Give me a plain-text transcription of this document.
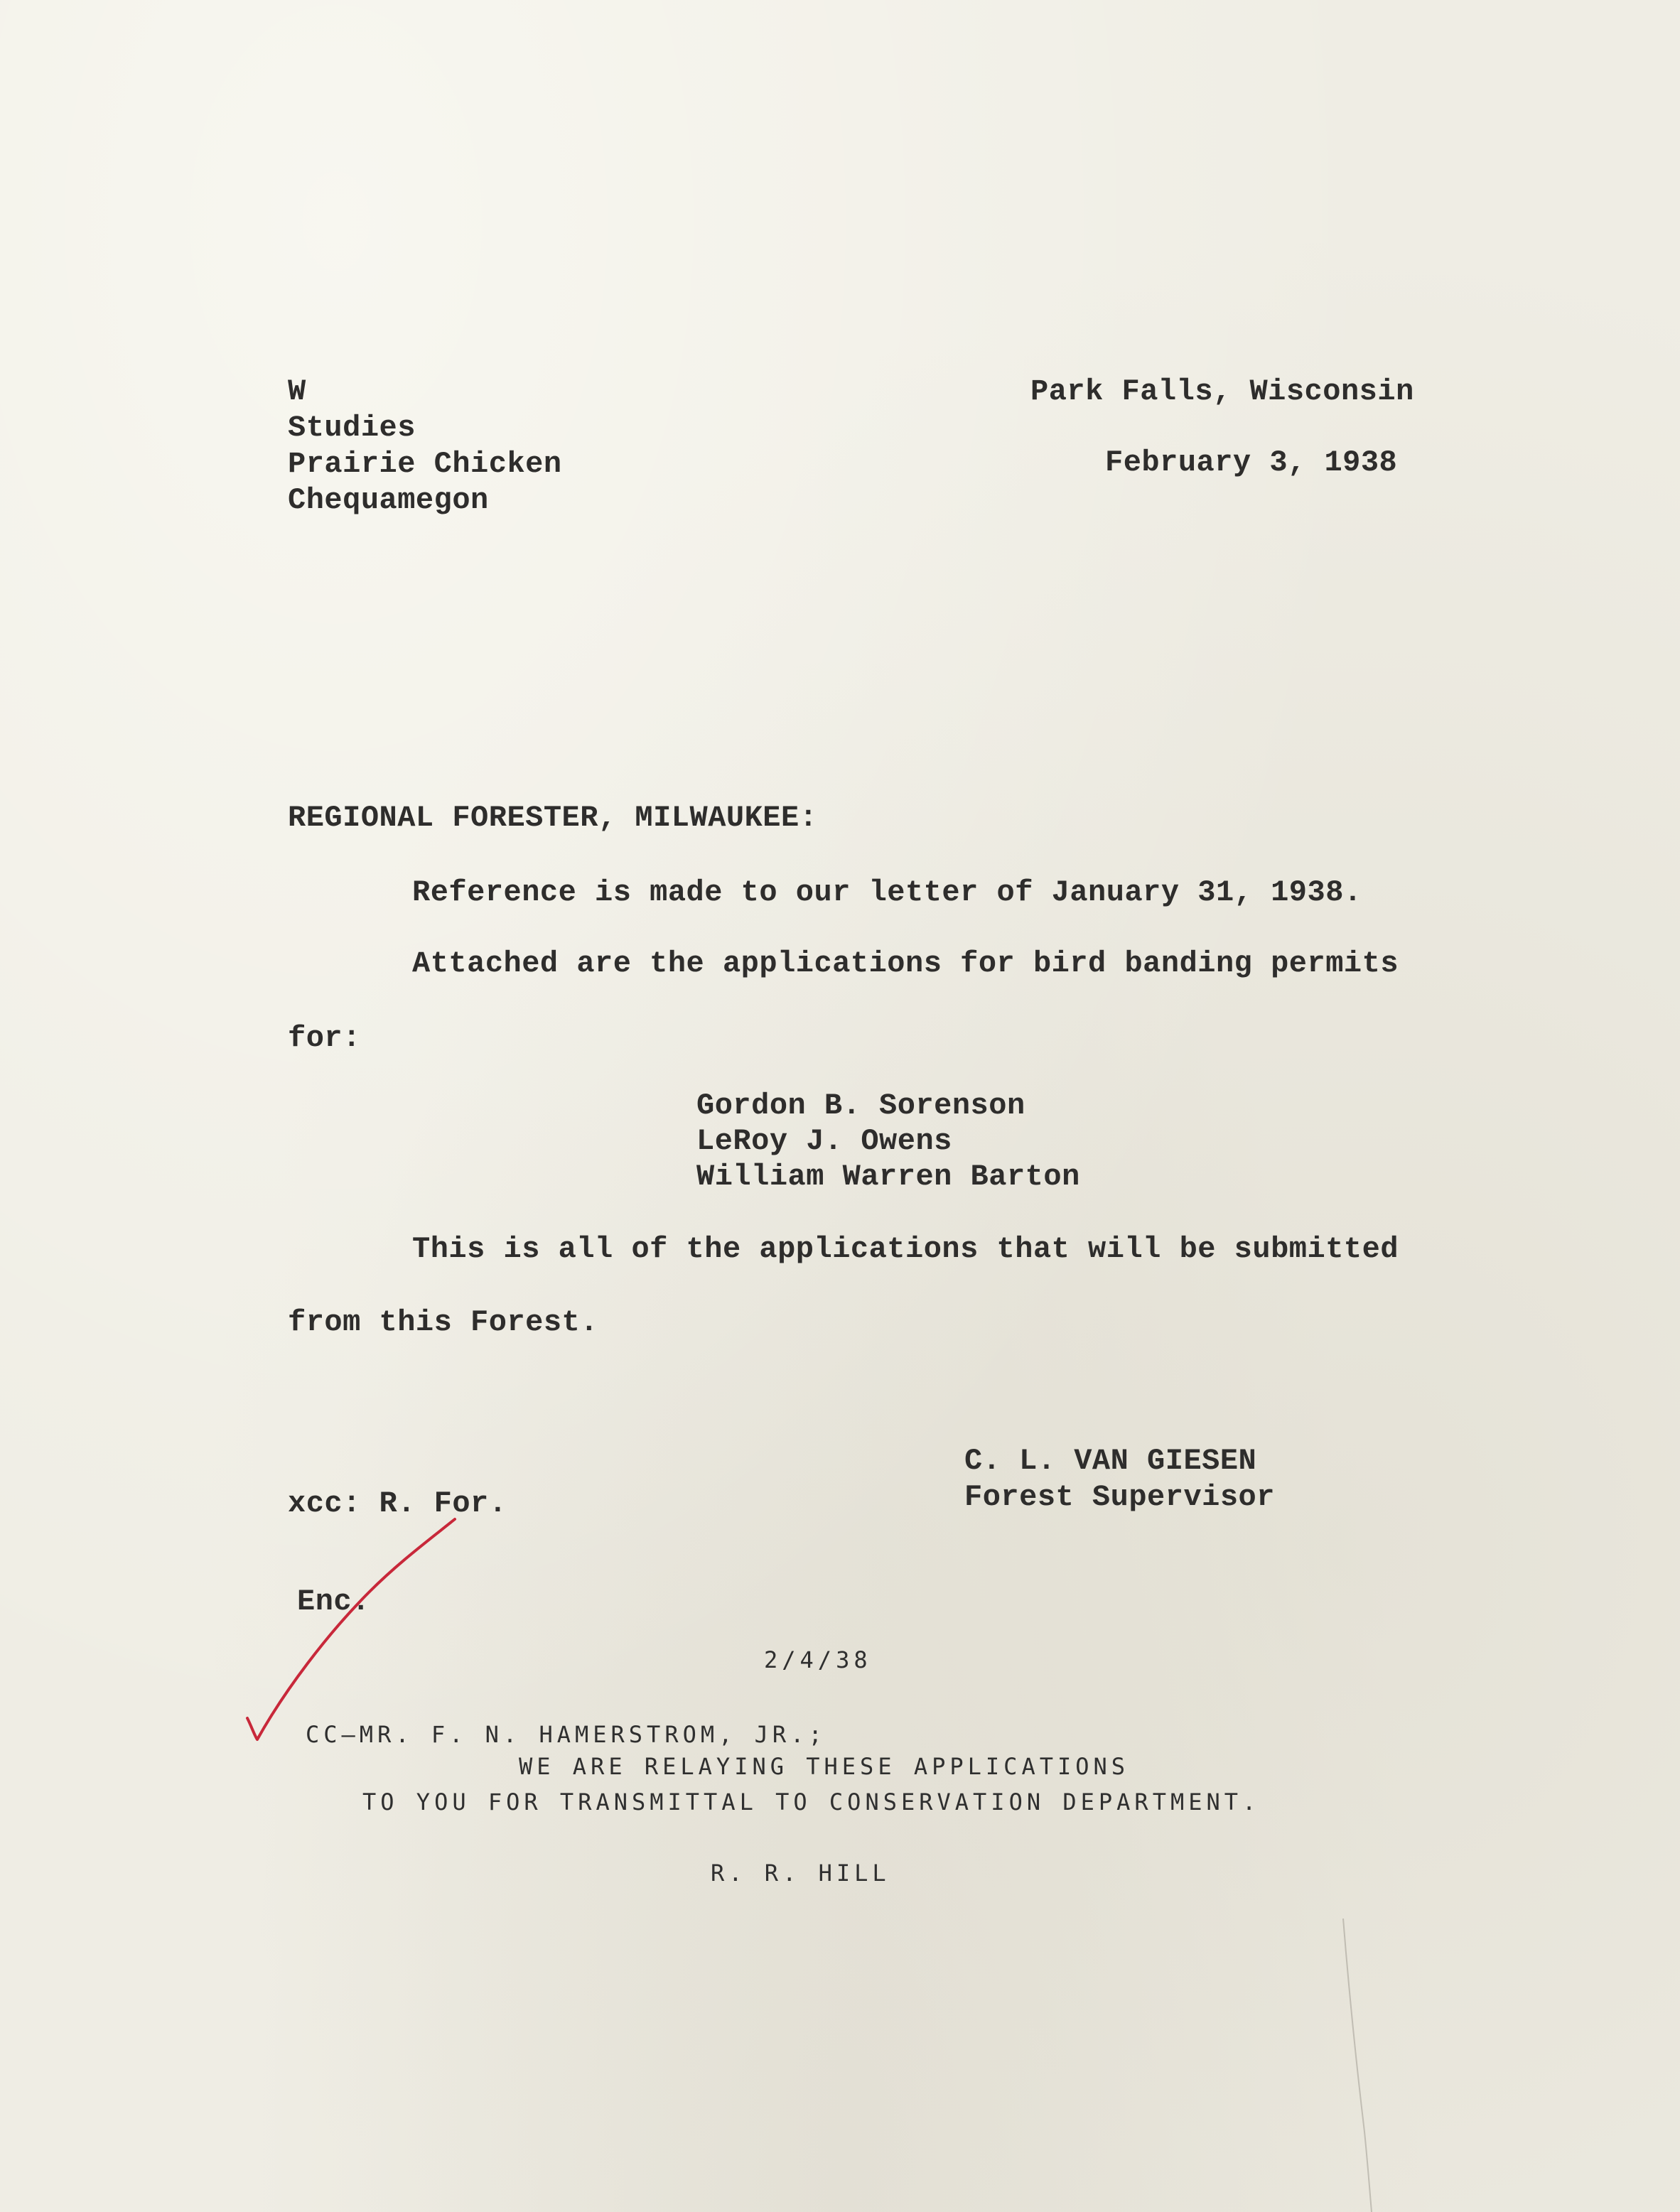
W
Studies
Prairie Chicken
Chequamegon
Park Falls, Wisconsin
February 3, 1938
REGIONAL FORESTER, MILWAUKEE:
Reference is made to our letter of January 31, 1938.
Attached are the applications for bird banding permits
for:
Gordon B. Sorenson
LeRoy J. Owens
William Warren Barton
This is all of the applications that will be submitted
from this Forest.
C. L. VAN GIESEN
Forest Supervisor
xcc: R. For.
Enc.
2/4/38
CC—MR. F. N. HAMERSTROM, JR.;
WE ARE RELAYING THESE APPLICATIONS
TO YOU FOR TRANSMITTAL TO CONSERVATION DEPARTMENT.
R. R. HILL
